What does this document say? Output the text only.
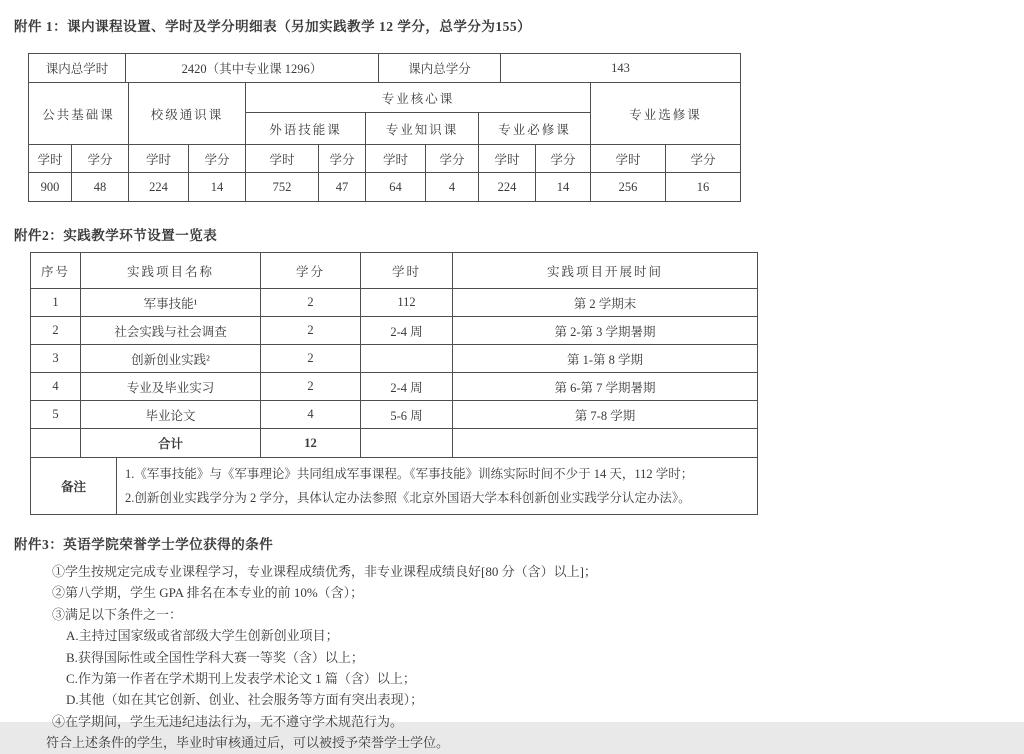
附件 1：课内课程设置、学时及学分明细表（另加实践教学 12 学分，总学分为155）
课内总学时	2420（其中专业课 1296）	课内总学分	143
公共基础课		校级通识课		专业核心课						专业选修课	
				外语技能课		专业知识课		专业必修课			
学时	学分	学时	学分	学时	学分	学时	学分	学时	学分	学时	学分
900	48	224	14	752	47	64	4	224	14	256	16
附件2：实践教学环节设置一览表
序号	实践项目名称	学分	学时	实践项目开展时间
1	军事技能¹	2	112	第 2 学期末
2	社会实践与社会调查	2	2-4 周	第 2-第 3 学期暑期
3	创新创业实践²	2		第 1-第 8 学期
4	专业及毕业实习	2	2-4 周	第 6-第 7 学期暑期
5	毕业论文	4	5-6 周	第 7-8 学期
	合计	12		
备注	
1.《军事技能》与《军事理论》共同组成军事课程。《军事技能》训练实际时间不少于 14 天，112 学时；
2.创新创业实践学分为 2 学分，具体认定办法参照《北京外国语大学本科创新创业实践学分认定办法》。
附件3：英语学院荣誉学士学位获得的条件
①学生按规定完成专业课程学习，专业课程成绩优秀，非专业课程成绩良好[80 分（含）以上]；
②第八学期，学生 GPA 排名在本专业的前 10%（含）；
③满足以下条件之一：
A.主持过国家级或省部级大学生创新创业项目；
B.获得国际性或全国性学科大赛一等奖（含）以上；
C.作为第一作者在学术期刊上发表学术论文 1 篇（含）以上；
D.其他（如在其它创新、创业、社会服务等方面有突出表现）；
④在学期间，学生无违纪违法行为，无不遵守学术规范行为。
符合上述条件的学生，毕业时审核通过后，可以被授予荣誉学士学位。
